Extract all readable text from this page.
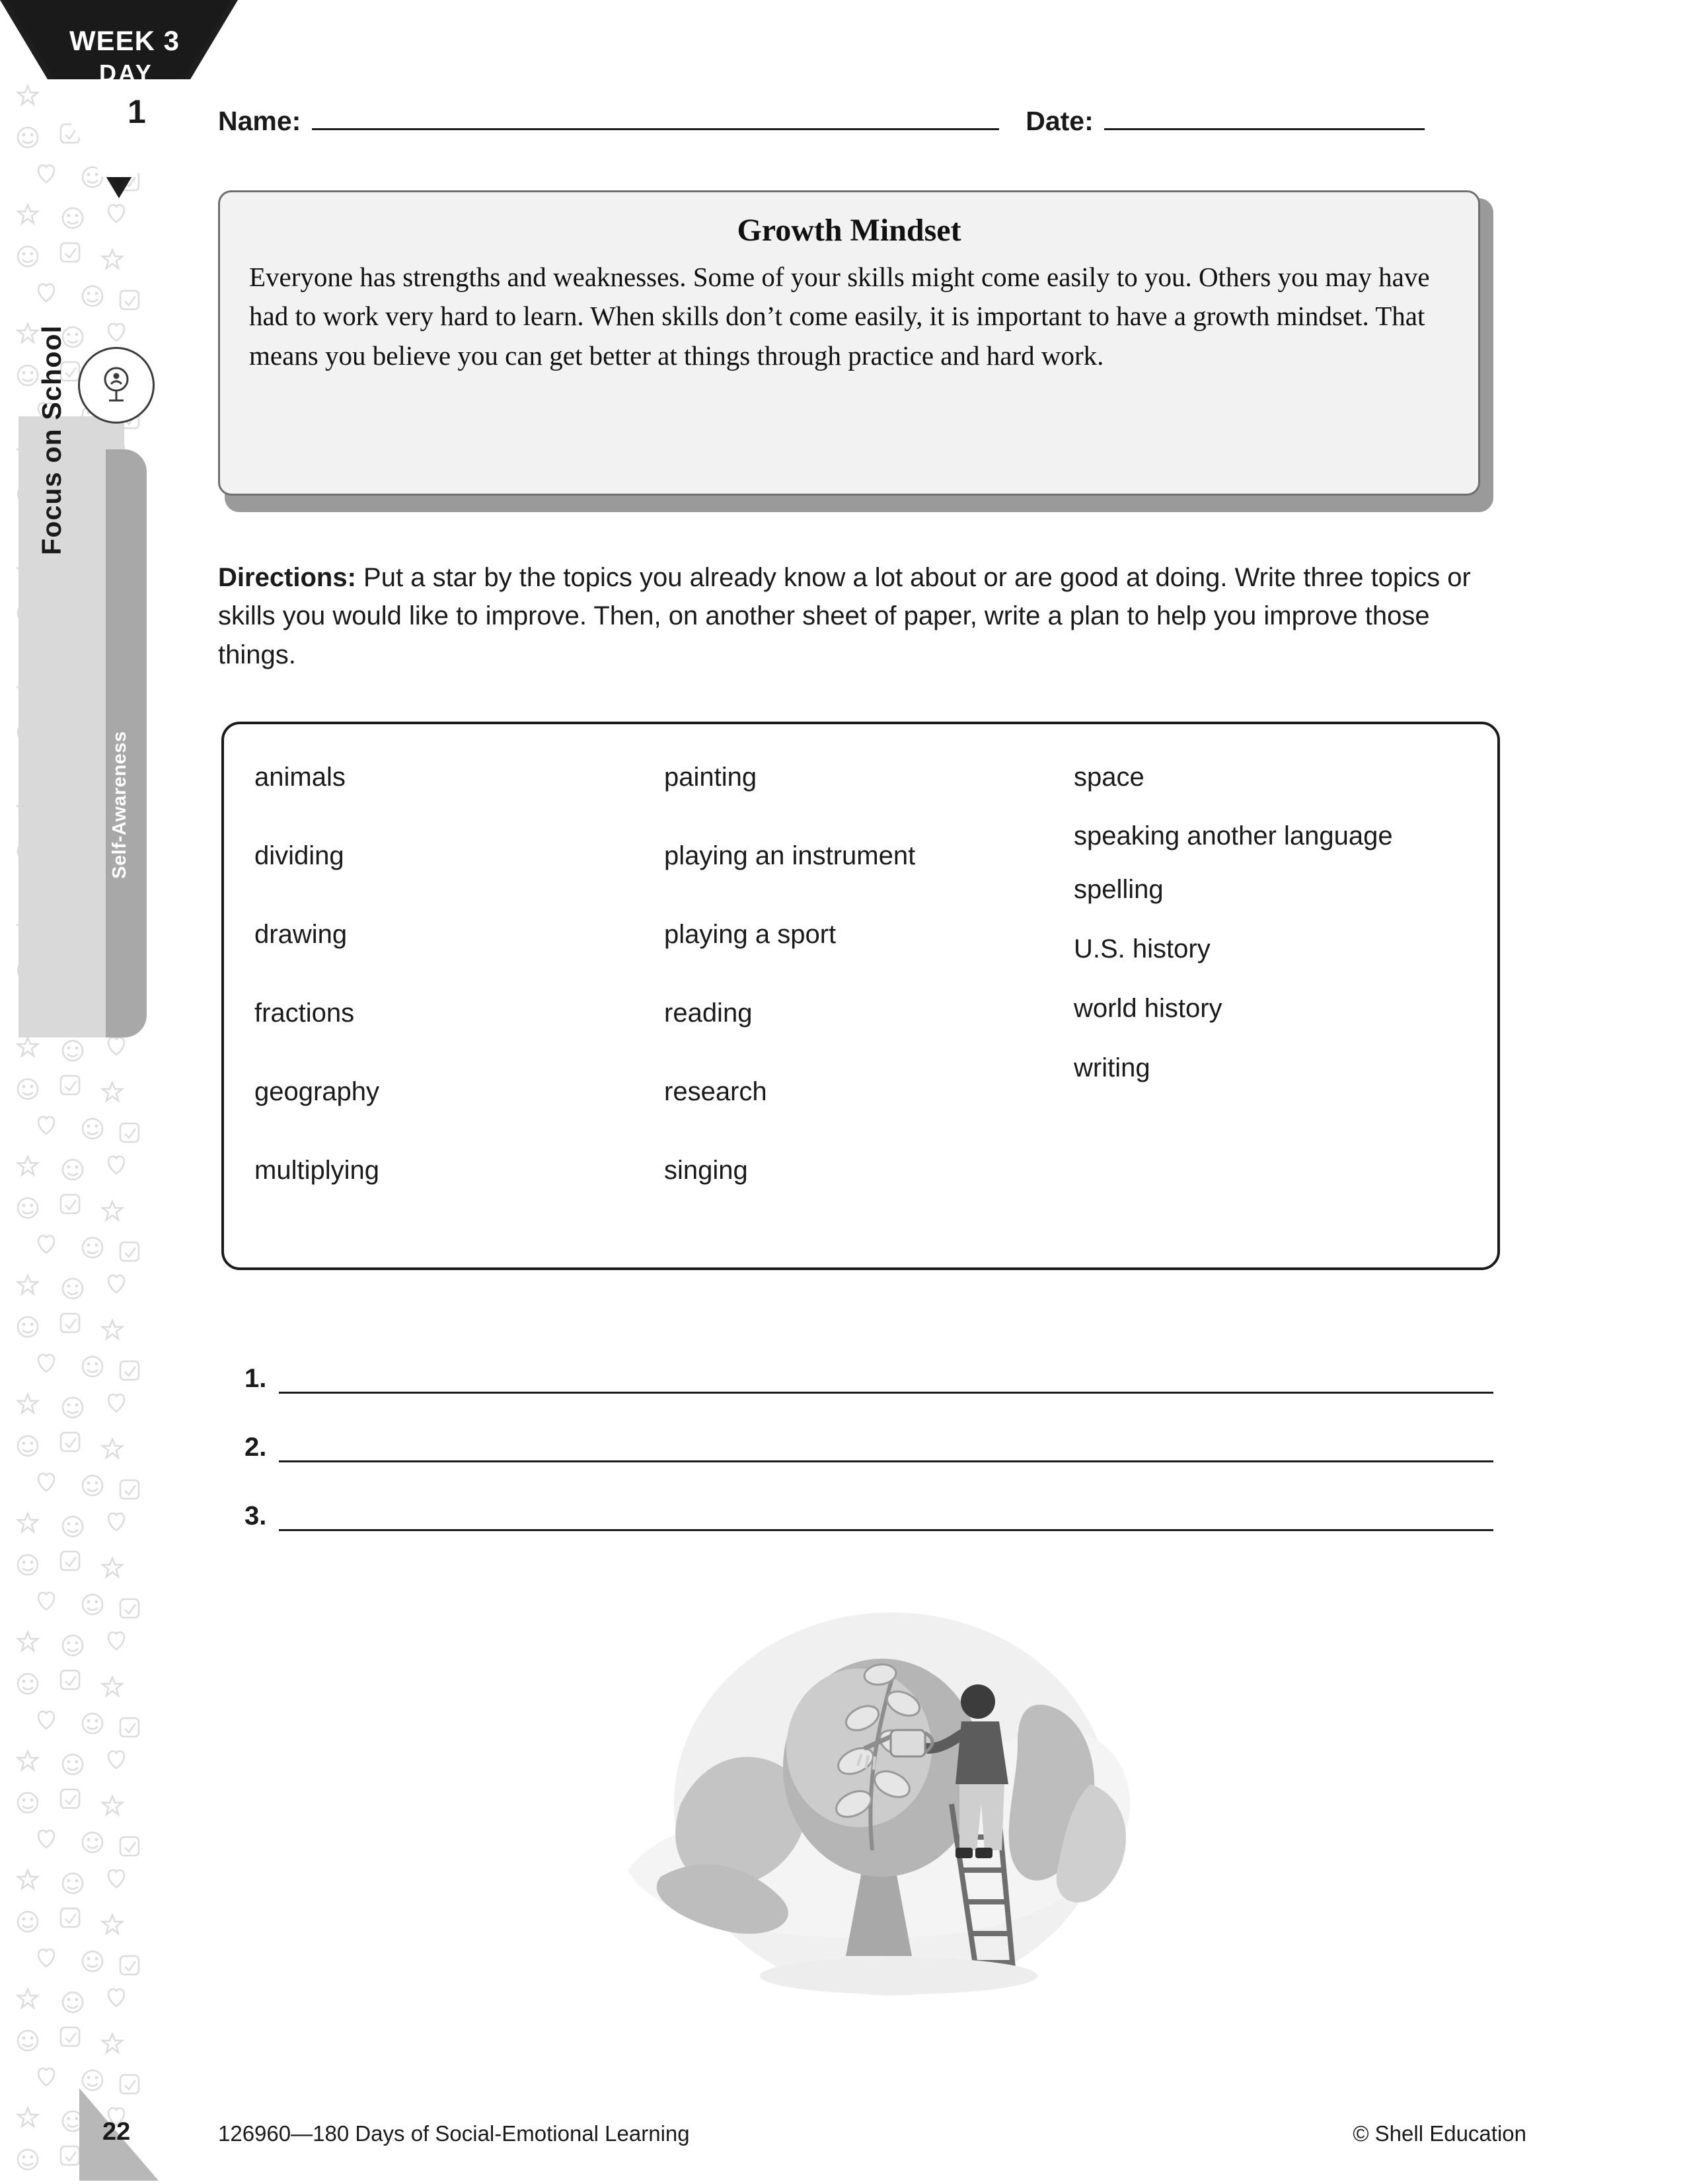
Focus on School
Self-Awareness
WEEK 3
DAY
1	Name:	Date:
Growth Mindset
Everyone has strengths and weaknesses. Some of your skills might come easily to you. Others you may have had to work very hard to learn. When skills don’t come easily, it is important to have a growth mindset. That means you believe you can get better at things through practice and hard work.
Directions: Put a star by the topics you already know a lot about or are good at doing. Write three topics or skills you would like to improve. Then, on another sheet of paper, write a plan to help you improve those things.
animals
dividing
drawing
fractions
geography
multiplying
painting
playing an instrument
playing a sport
reading
research
singing
space
speaking another language
spelling
U.S. history
world history
writing
1.
2.
3.
22	126960—180 Days of Social-Emotional Learning	© Shell Education
